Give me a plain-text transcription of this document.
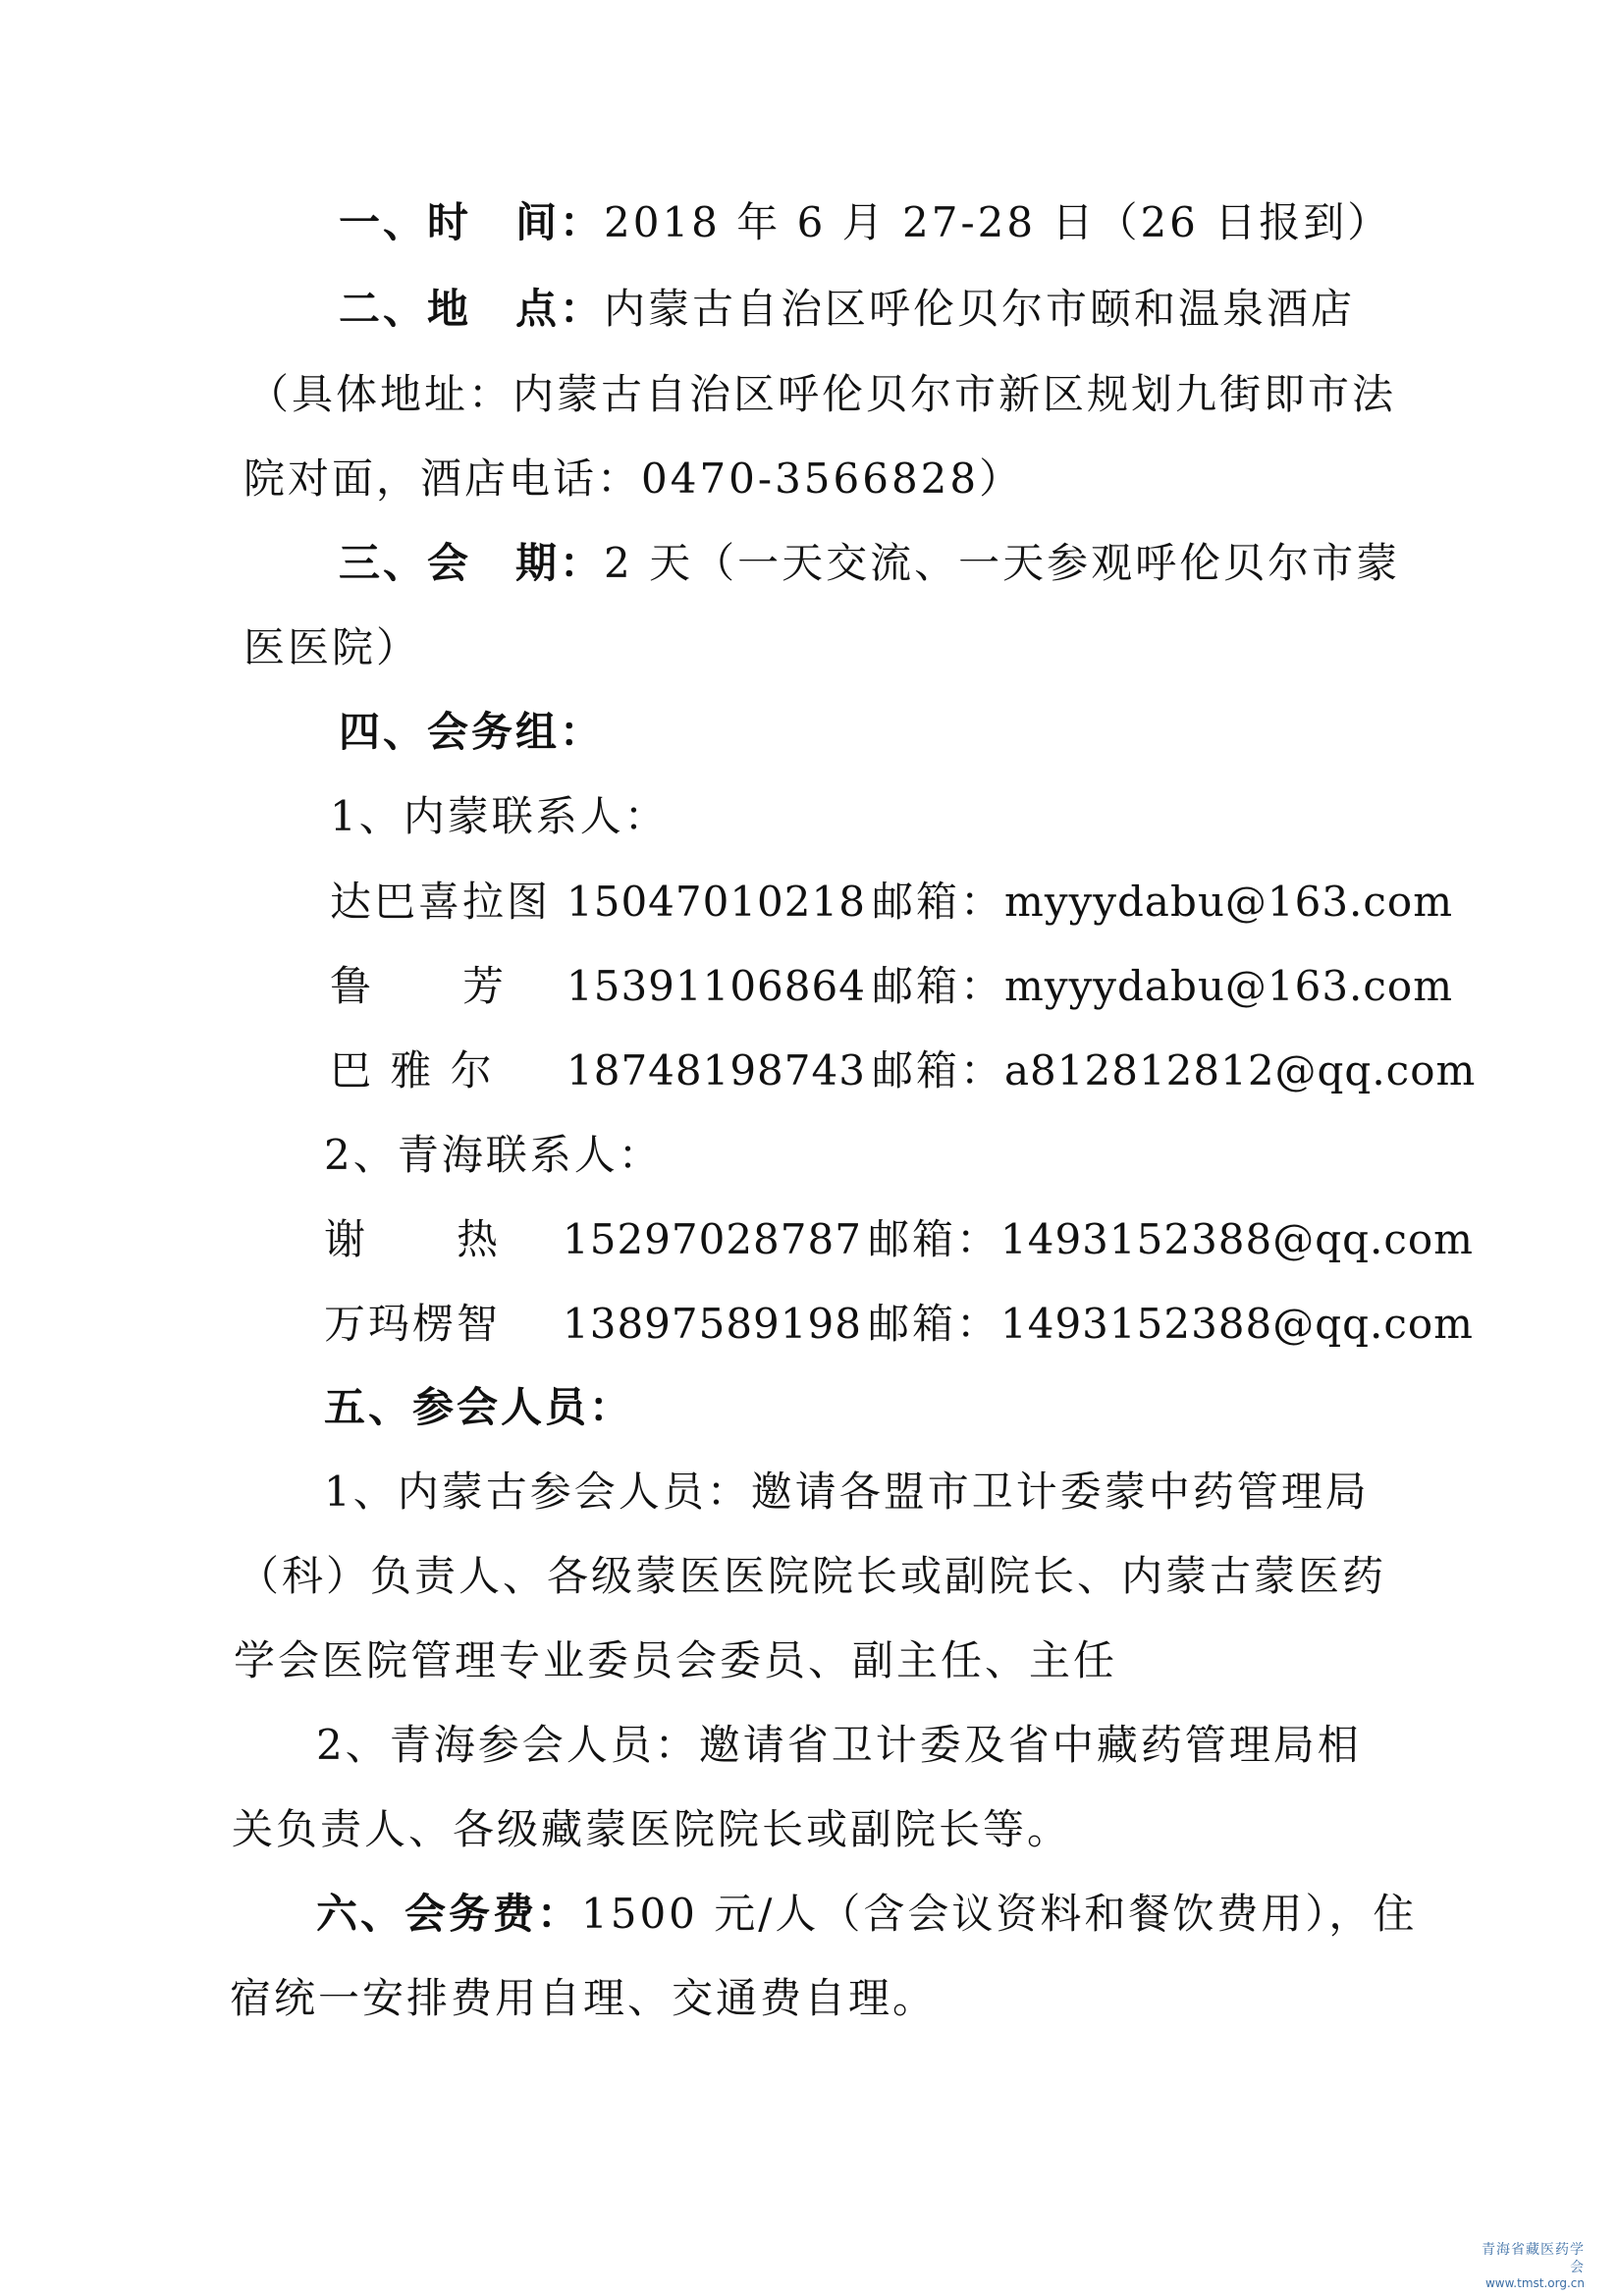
一、时　间：2018 年 6 月 27-28 日（26 日报到）
二、地　点：内蒙古自治区呼伦贝尔市颐和温泉酒店
（具体地址：内蒙古自治区呼伦贝尔市新区规划九街即市法
院对面，酒店电话：0470-3566828）
三、会　期：2 天（一天交流、一天参观呼伦贝尔市蒙
医医院）
四、会务组：
1、内蒙联系人：
达巴喜拉图 15047010218 邮箱：myyydabu@163.com
鲁　　芳 15391106864 邮箱：myyydabu@163.com
巴 雅 尔 18748198743 邮箱：a812812812@qq.com
2、青海联系人：
谢　　热 15297028787 邮箱：1493152388@qq.com
万玛楞智 13897589198 邮箱：1493152388@qq.com
五、参会人员：
1、内蒙古参会人员：邀请各盟市卫计委蒙中药管理局
（科）负责人、各级蒙医医院院长或副院长、内蒙古蒙医药
学会医院管理专业委员会委员、副主任、主任
2、青海参会人员：邀请省卫计委及省中藏药管理局相
关负责人、各级藏蒙医院院长或副院长等。
六、会务费：1500 元/人（含会议资料和餐饮费用），住
宿统一安排费用自理、交通费自理。
青海省藏医药学会
www.tmst.org.cn
